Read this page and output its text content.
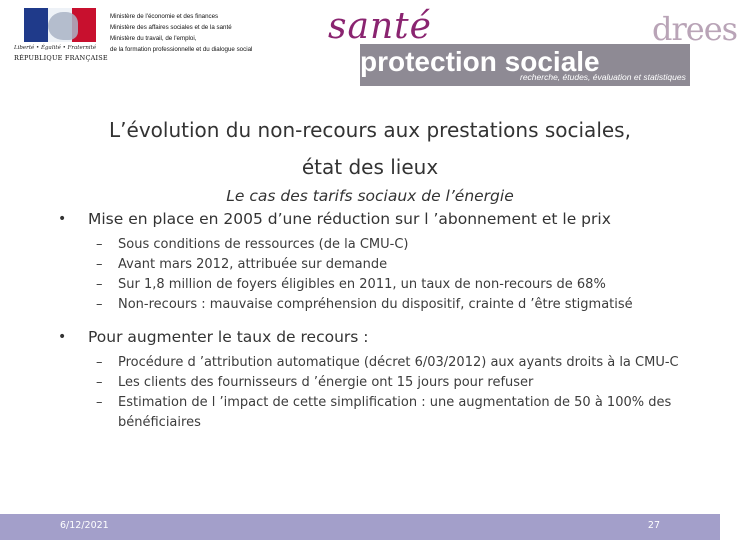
Liberté • Égalité • Fraternité
RÉPUBLIQUE FRANÇAISE
Ministère de l'économie et des finances
Ministère des affaires sociales et de la santé
Ministère du travail, de l'emploi,
de la formation professionnelle et du dialogue social
santé
protection sociale
drees
recherche, études, évaluation et statistiques
L’évolution du non-recours aux prestations sociales,
état des lieux
Le cas des tarifs sociaux de l’énergie
• Mise en place en 2005 d’une réduction sur l ’abonnement et le prix
– Sous conditions de ressources (de la CMU-C)
– Avant mars 2012, attribuée sur demande
– Sur 1,8 million de foyers éligibles en 2011, un taux de non-recours de 68%
– Non-recours : mauvaise compréhension du dispositif, crainte d ’être stigmatisé
• Pour augmenter le taux de recours :
– Procédure d ’attribution automatique (décret 6/03/2012) aux ayants droits à la CMU-C
– Les clients des fournisseurs d ’énergie ont 15 jours pour refuser
– Estimation de l ’impact de cette simplification : une augmentation de 50 à 100% des bénéficiaires
6/12/2021	27
